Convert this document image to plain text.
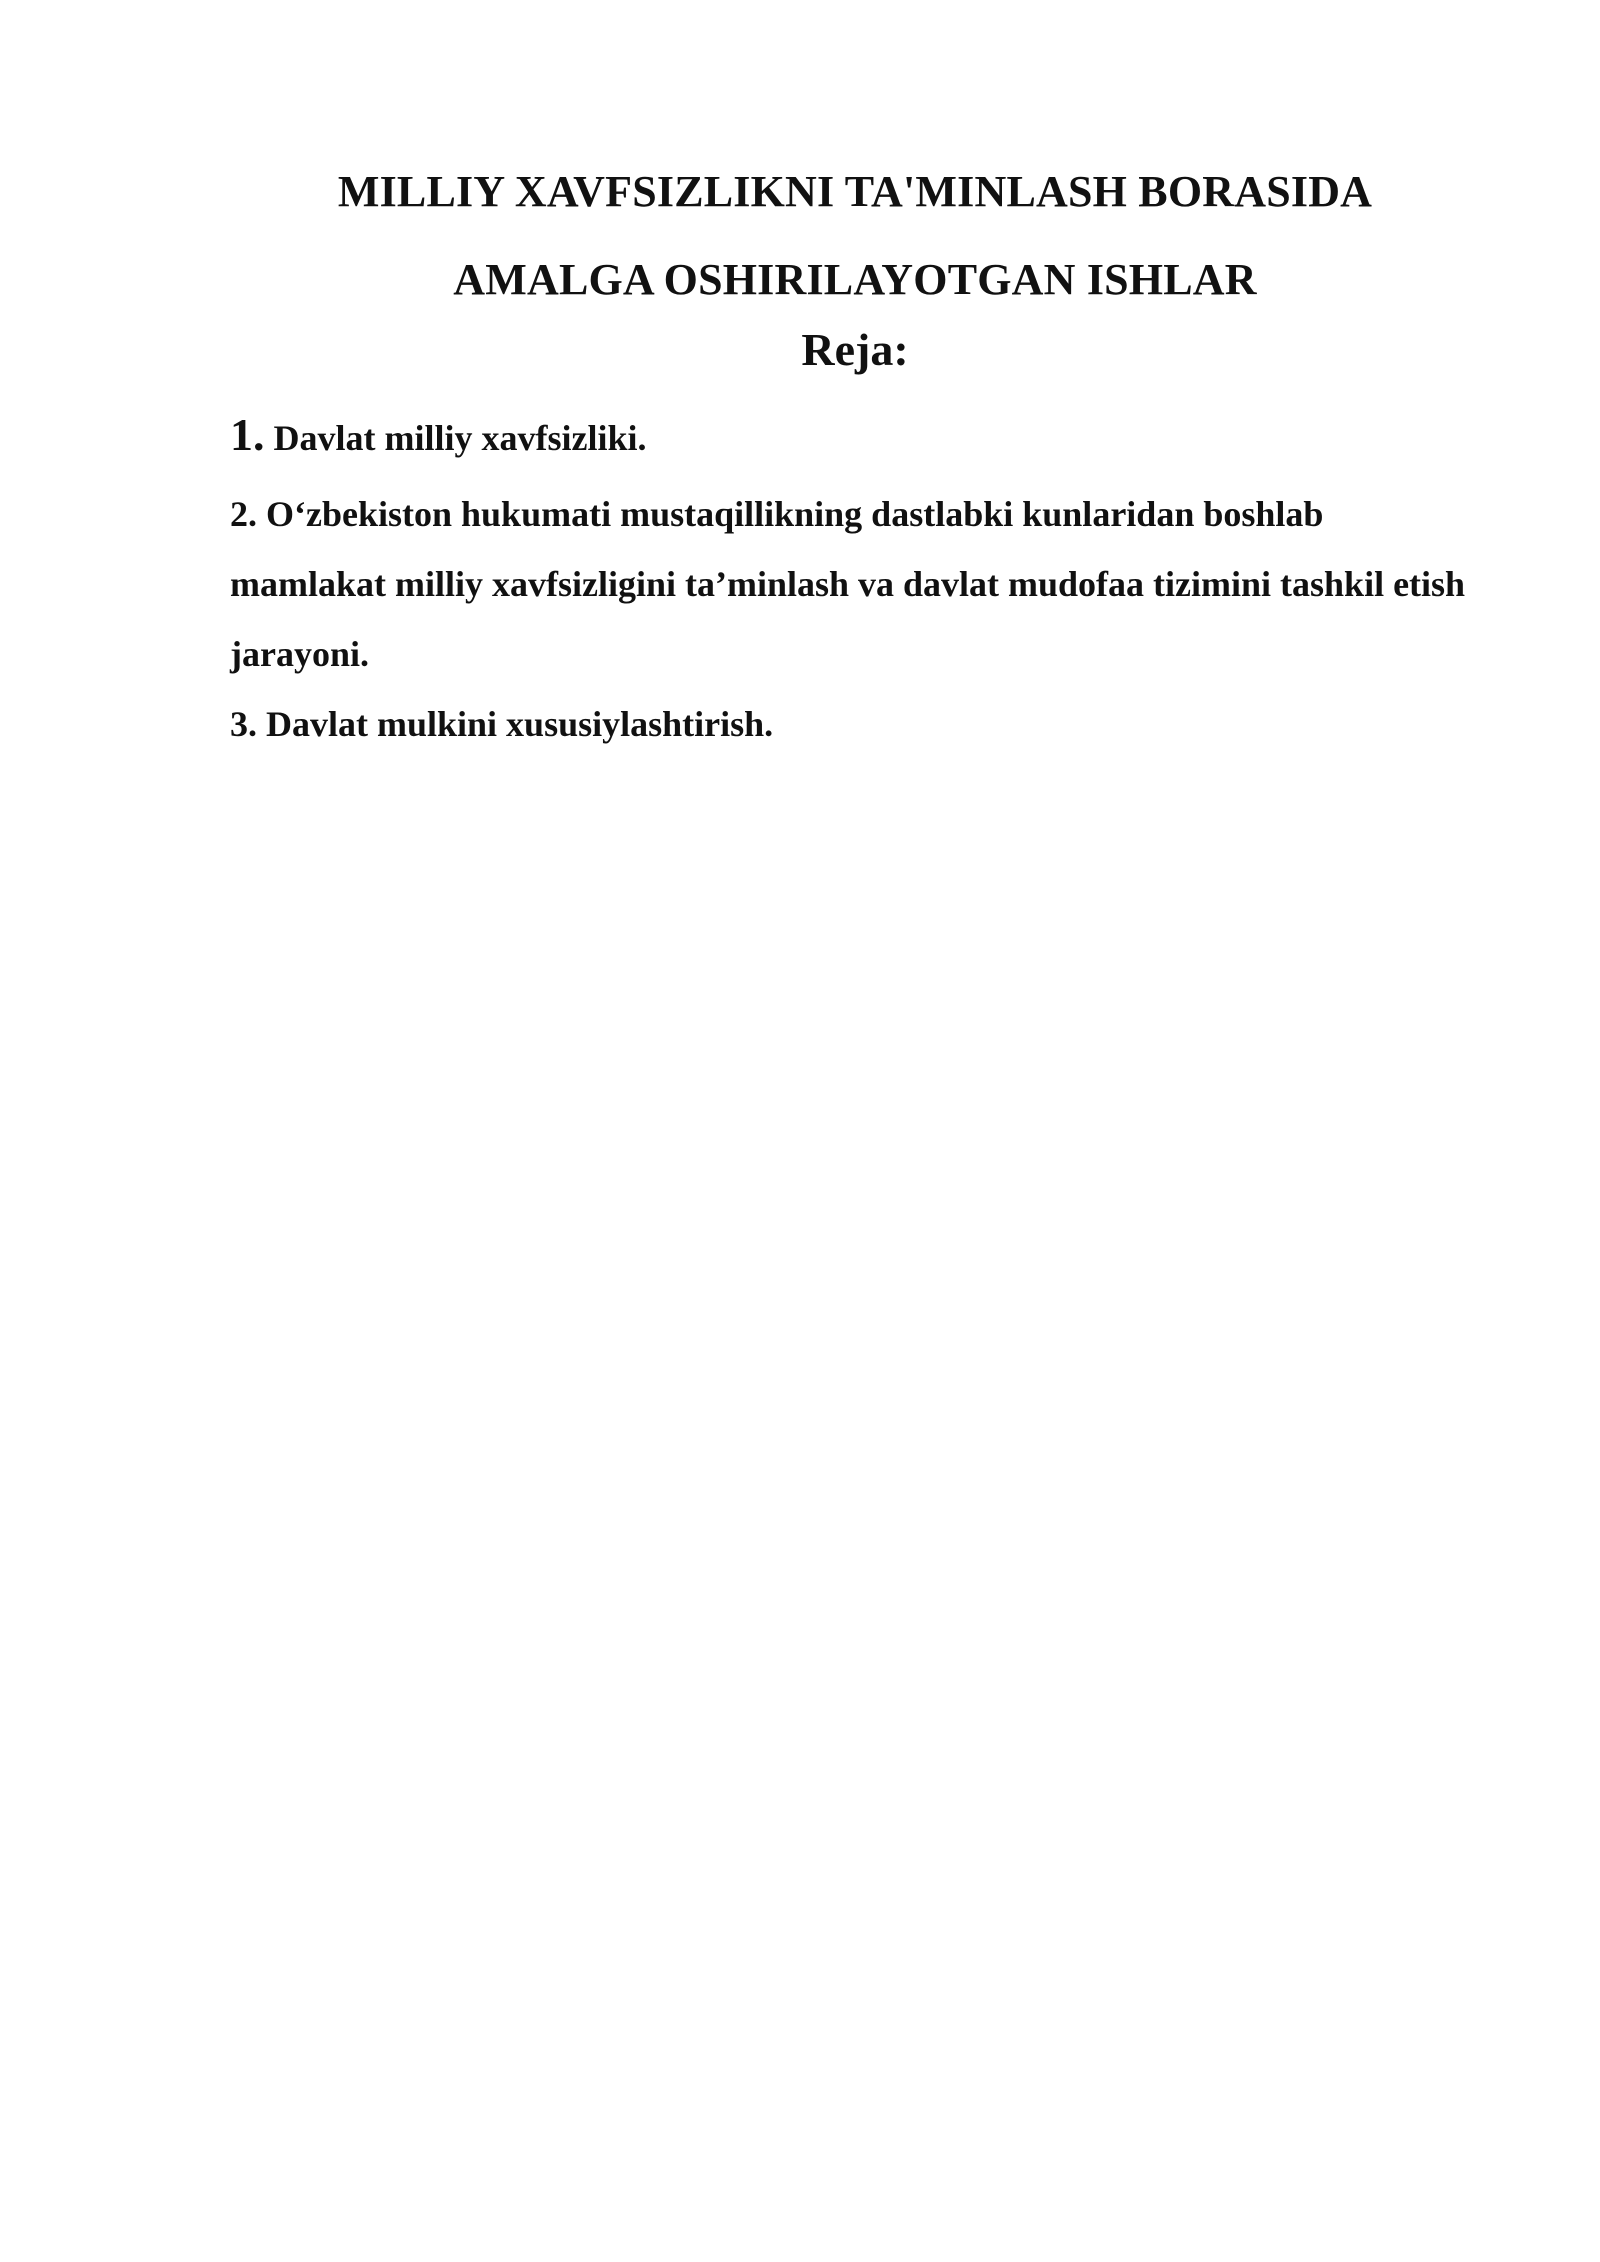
MILLIY XAVFSIZLIKNI TA'MINLASH BORASIDA
AMALGA OSHIRILAYOTGAN ISHLAR
Reja:
1. Davlat milliy xavfsizliki.
2. O‘zbekiston hukumati mustaqillikning dastlabki kunlaridan boshlab mamlakat milliy xavfsizligini ta’minlash va davlat mudofaa tizimini tashkil etish jarayoni.
3. Davlat mulkini xususiylashtirish.
